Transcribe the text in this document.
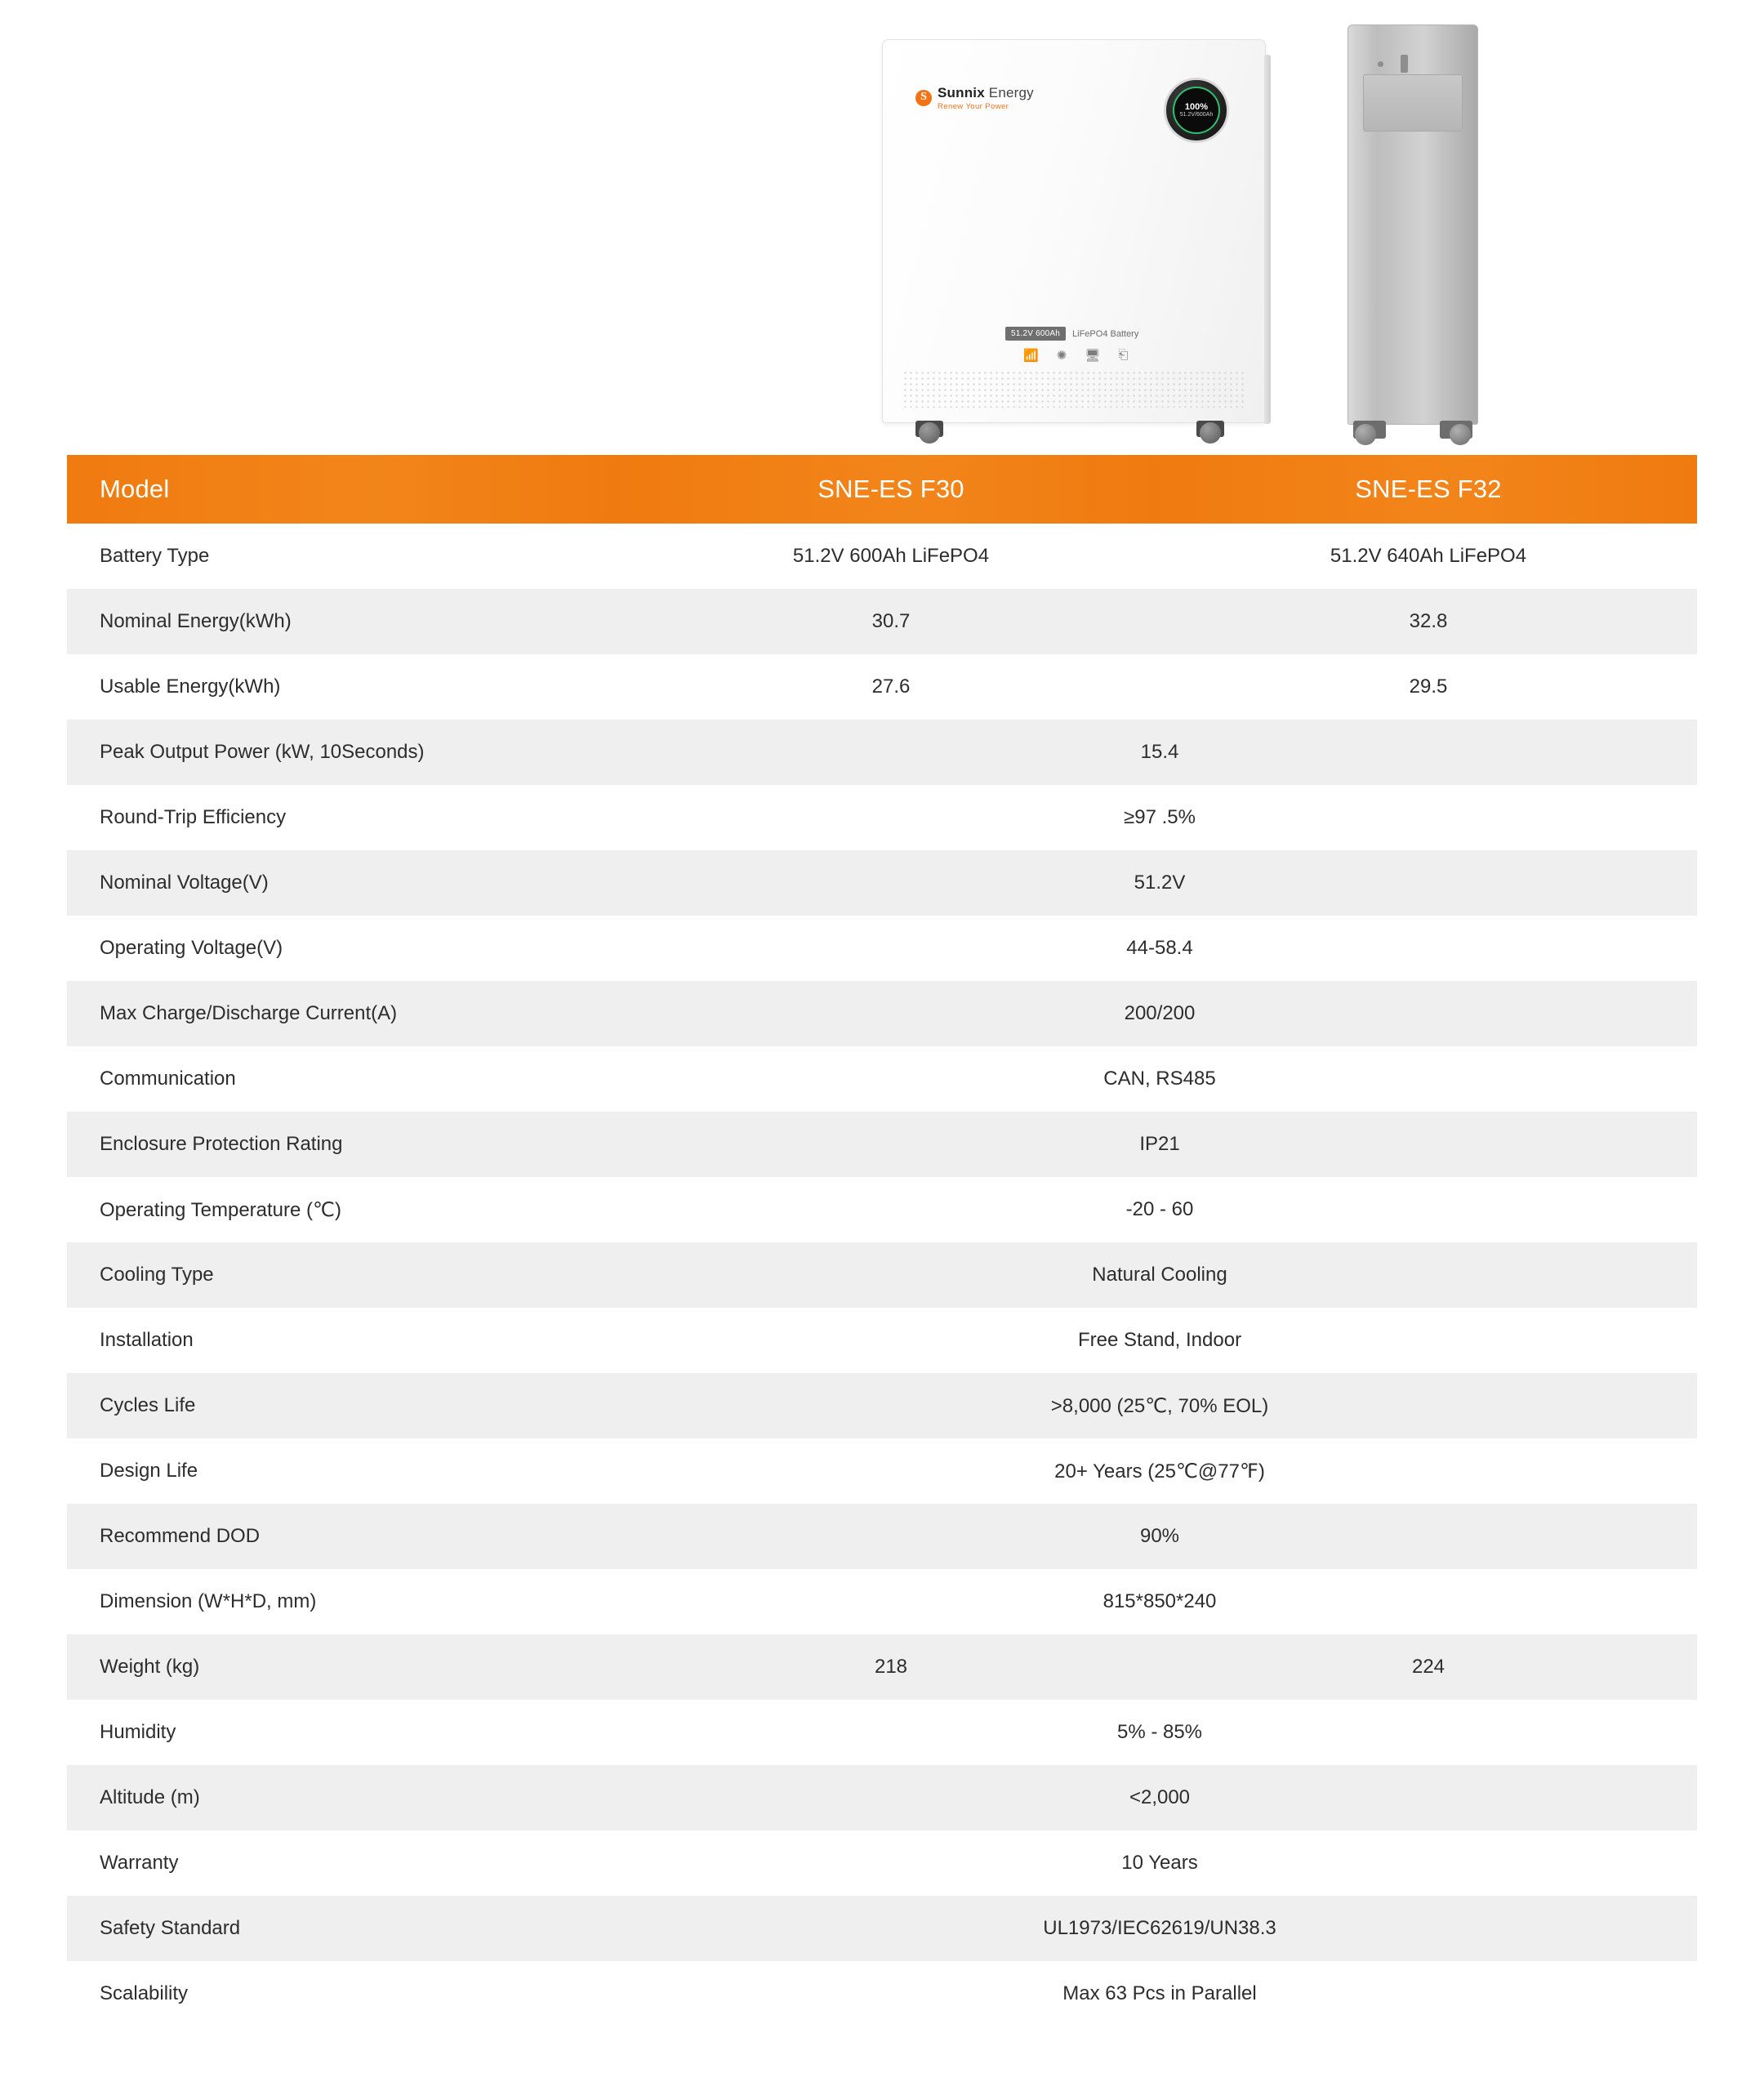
S
Sunnix Energy
Renew Your Power	100%
51.2V/600Ah
51.2V 600Ah	LiFePO4 Battery
📶 ✺ 🖥 ⎗
Model	SNE-ES F30	SNE-ES F32
Battery Type	51.2V 600Ah LiFePO4	51.2V 640Ah LiFePO4
Nominal Energy(kWh)	30.7	32.8
Usable Energy(kWh)	27.6	29.5
Peak Output Power (kW, 10Seconds)	15.4	
Round-Trip Efficiency	≥97 .5%	
Nominal Voltage(V)	51.2V	
Operating Voltage(V)	44-58.4	
Max Charge/Discharge Current(A)	200/200	
Communication	CAN, RS485	
Enclosure Protection Rating	IP21	
Operating Temperature (℃)	-20 - 60	
Cooling Type	Natural Cooling	
Installation	Free Stand, Indoor	
Cycles Life	>8,000 (25℃, 70% EOL)	
Design Life	20+ Years (25℃@77℉)	
Recommend DOD	90%	
Dimension (W*H*D, mm)	815*850*240	
Weight (kg)	218	224
Humidity	5% - 85%	
Altitude (m)	<2,000	
Warranty	10 Years	
Safety Standard	UL1973/IEC62619/UN38.3	
Scalability	Max 63 Pcs in Parallel	
